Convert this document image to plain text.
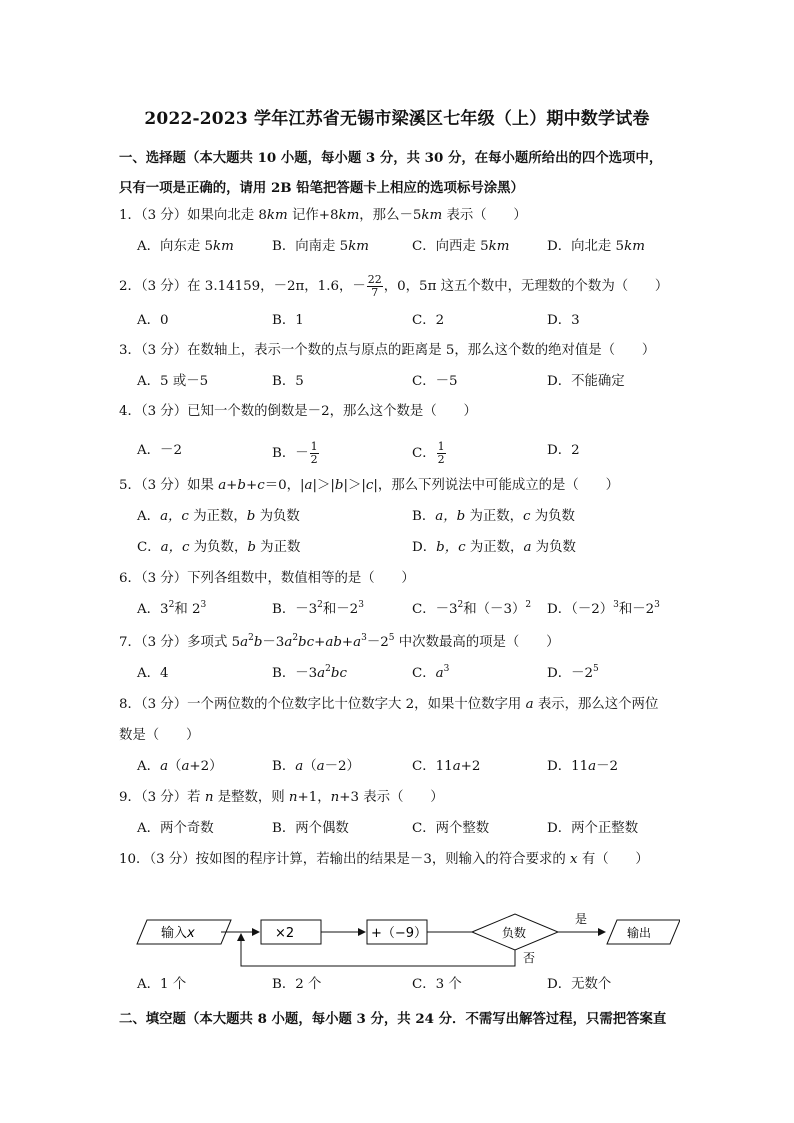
2022-2023 学年江苏省无锡市梁溪区七年级（上）期中数学试卷
一、选择题（本大题共 10 小题，每小题 3 分，共 30 分，在每小题所给出的四个选项中，
只有一项是正确的，请用 2B 铅笔把答题卡上相应的选项标号涂黑）
1．（3 分）如果向北走 8km 记作+8km，那么－5km 表示（　　）
A．向东走 5km	B．向南走 5km	C．向西走 5km	D．向北走 5km
2．（3 分）在 3.14159，－2π，1.6，－ $\frac{22}{7}$ ，0，5π 这五个数中，无理数的个数为（　　）
A．0	B．1	C．2	D．3
3．（3 分）在数轴上，表示一个数的点与原点的距离是 5，那么这个数的绝对值是（　　）
A．5 或－5	B．5	C．－5	D．不能确定
4．（3 分）已知一个数的倒数是－2，那么这个数是（　　）
A．－2	B．－ $\frac{1}{2}$	C． $\frac{1}{2}$	D．2
5．（3 分）如果 a+b+c＝0，|a|＞|b|＞|c|，那么下列说法中可能成立的是（　　）
A．a，c 为正数，b 为负数	B．a，b 为正数，c 为负数
C．a，c 为负数，b 为正数	D．b，c 为正数，a 为负数
6．（3 分）下列各组数中，数值相等的是（　　）
A．$3^2$和 $2^3$	B．$-3^2$和$-2^3$	C．$-3^2$和$(-3)^2$ D．$(-2)^3$和$-2^3$
7．（3 分）多项式 $5a^2b-3a^2bc+ab+a^3-2^5$ 中次数最高的项是（　　）
A．4	B．$-3a^2bc$	C．$a^3$	D．$-2^5$
8．（3 分）一个两位数的个位数字比十位数字大 2，如果十位数字用 a 表示，那么这个两位
数是（　　）
A．a（a+2）	B．a（a－2）	C．11a+2	D．11a－2
9．（3 分）若 n 是整数，则 n+1，n+3 表示（　　）
A．两个奇数	B．两个偶数	C．两个整数	D．两个正整数
10．（3 分）按如图的程序计算，若输出的结果是－3，则输入的符合要求的 x 有（　　）
输入x	×2	+（−9）	负数
是
输出
否
A．1 个	B．2 个	C．3 个	D．无数个
二、填空题（本大题共 8 小题，每小题 3 分，共 24 分．不需写出解答过程，只需把答案直
